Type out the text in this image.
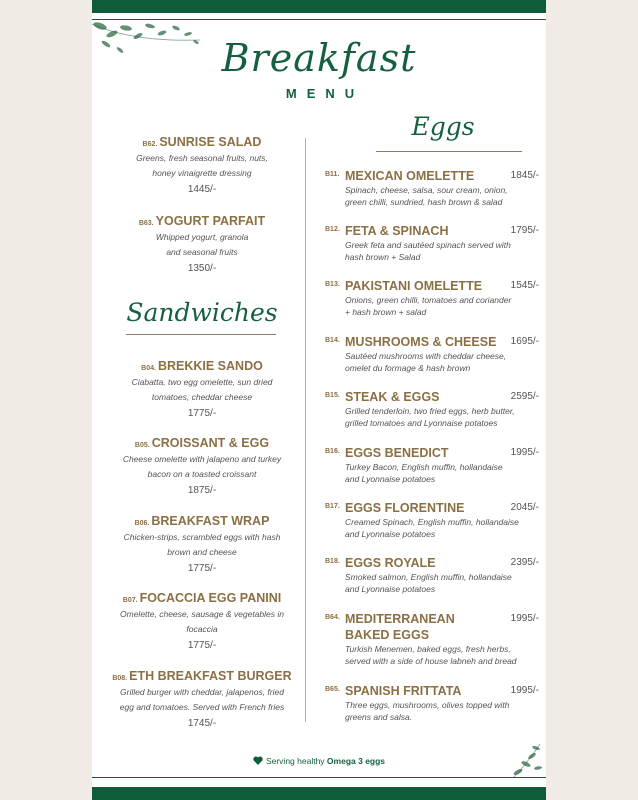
Breakfast
MENU
B62. SUNRISE SALAD
Greens, fresh seasonal fruits, nuts,
honey vinaigrette dressing
1445/-
B63. YOGURT PARFAIT
Whipped yogurt, granola
and seasonal fruits
1350/-
Sandwiches
B04. BREKKIE SANDO
Ciabatta, two egg omelette, sun dried
tomatoes, cheddar cheese
1775/-
B05. CROISSANT & EGG
Cheese omelette with jalapeno and turkey
bacon on a toasted croissant
1875/-
B06. BREAKFAST WRAP
Chicken-strips, scrambled eggs with hash
brown and cheese
1775/-
B07. FOCACCIA EGG PANINI
Omelette, cheese, sausage & vegetables in
focaccia
1775/-
B08. ETH BREAKFAST BURGER
Grilled burger with cheddar, jalapenos, fried
egg and tomatoes. Served with French fries
1745/-
Eggs
B11. MEXICAN OMELETTE	1845/-
Spinach, cheese, salsa, sour cream, onion,
green chilli, sundried, hash brown & salad
B12. FETA & SPINACH	1795/-
Greek feta and sautéed spinach served with
hash brown + Salad
B13. PAKISTANI OMELETTE	1545/-
Onions, green chilli, tomatoes and coriander
+ hash brown + salad
B14. MUSHROOMS & CHEESE	1695/-
Sautéed mushrooms with cheddar cheese,
omelet du formage & hash brown
B15. STEAK & EGGS	2595/-
Grilled tenderloin, two fried eggs, herb butter,
grilled tomatoes and Lyonnaise potatoes
B16. EGGS BENEDICT	1995/-
Turkey Bacon, English muffin, hollandaise
and Lyonnaise potatoes
B17. EGGS FLORENTINE	2045/-
Creamed Spinach, English muffin, hollandaise
and Lyonnaise potatoes
B18. EGGS ROYALE	2395/-
Smoked salmon, English muffin, hollandaise
and Lyonnaise potatoes
B64. MEDITERRANEAN
BAKED EGGS
1995/-
Turkish Menemen, baked eggs, fresh herbs,
served with a side of house labneh and bread
B65. SPANISH FRITTATA	1995/-
Three eggs, mushrooms, olives topped with
greens and salsa.
Serving healthy Omega 3 eggs
